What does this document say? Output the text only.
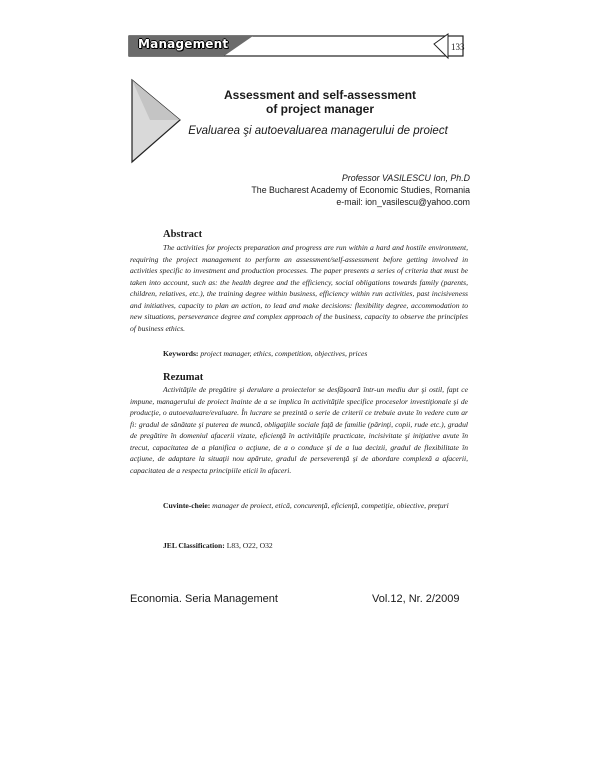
Management	133
Assessment and self-assessment
of project manager
Evaluarea şi autoevaluarea managerului de proiect
Professor VASILESCU Ion, Ph.D
The Bucharest Academy of Economic Studies, Romania
e-mail: ion_vasilescu@yahoo.com
Abstract

The activities for projects preparation and progress are run within a hard and hostile environment, requiring the project management to perform an assessment/self-assessment before getting involved in activities specific to investment and production processes. The paper presents a series of criteria that must be taken into account, such as: the health degree and the efficiency, social obligations towards family (parents, children, relatives, etc.), the training degree within business, efficiency within run activities, past incisiveness and initiatives, capacity to plan an action, to lead and make decisions: flexibility degree, accommodation to new situations, perseverance degree and complex approach of the business, capacity to observe the principles of business ethics.

Keywords: project manager, ethics, competition, objectives, prices
Rezumat

Activităţile de pregătire şi derulare a proiectelor se desfăşoară într-un mediu dur şi ostil, fapt ce impune, managerului de proiect înainte de a se implica în activităţile specifice proceselor investiţionale şi de producţie, o autoevaluare/evaluare. În lucrare se prezintă o serie de criterii ce trebuie avute în vedere cum ar fi: gradul de sănătate şi puterea de muncă, obligaţiile sociale faţă de familie (părinţi, copii, rude etc.), gradul de pregătire în domeniul afacerii vizate, eficienţă în activităţile practicate, incisivitate şi iniţiative avute în trecut, capacitatea de a planifica o acţiune, de a o conduce şi de a lua decizii, gradul de flexibilitate în acţiune, de adaptare la situaţii nou apărute, gradul de perseverenţă şi de abordare complexă a afacerii, capacitatea de a respecta principiile eticii în afaceri.

Cuvinte-cheie: manager de proiect, etică, concurenţă, eficienţă, competiţie, obiective, preţuri
JEL Classification: L83, O22, O32
Economia. Seria Management	Vol.12, Nr. 2/2009
